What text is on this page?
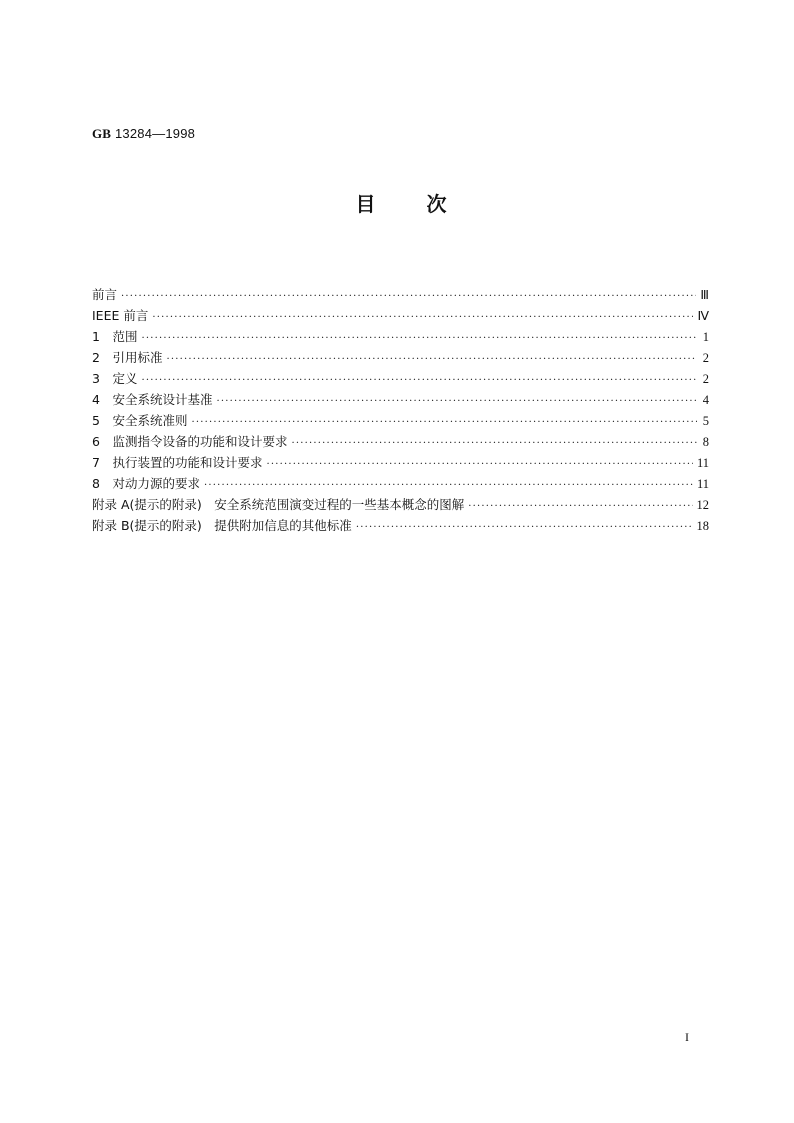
GB 13284—1998
目 次
前言 ·····	Ⅲ
IEEE 前言 ·····	Ⅳ
1　范围 ·····	1
2　引用标准 ·····	2
3　定义 ·····	2
4　安全系统设计基准 ·····	4
5　安全系统准则 ·····	5
6　监测指令设备的功能和设计要求 ·····	8
7　执行装置的功能和设计要求 ·····	11
8　对动力源的要求 ·····	11
附录 A(提示的附录)　安全系统范围演变过程的一些基本概念的图解 ·····	12
附录 B(提示的附录)　提供附加信息的其他标准 ·····	18
I
